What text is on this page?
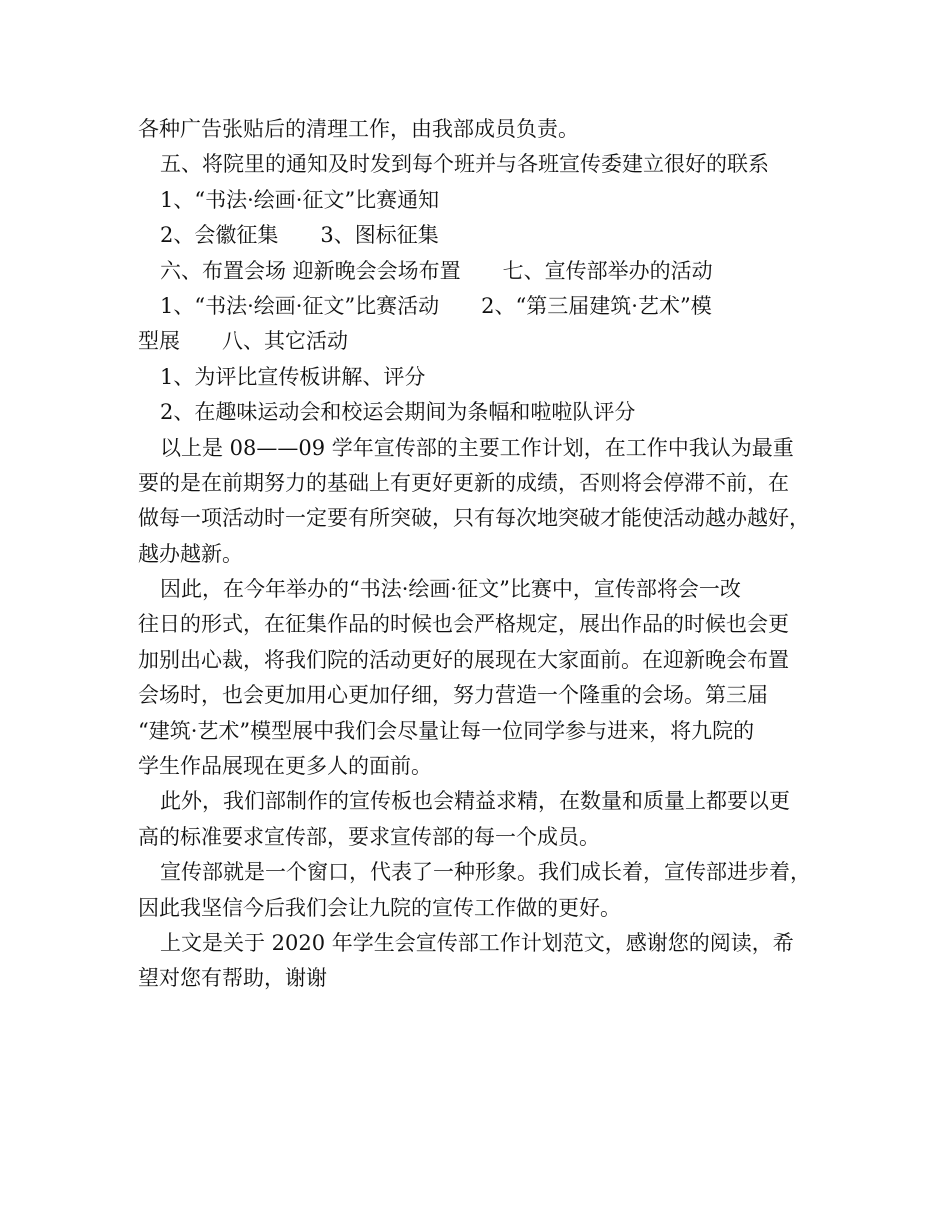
各种广告张贴后的清理工作，由我部成员负责。
五、将院里的通知及时发到每个班并与各班宣传委建立很好的联系
1、“书法·绘画·征文”比赛通知
2、会徽征集　　3、图标征集
六、布置会场 迎新晚会会场布置　　七、宣传部举办的活动
1、“书法·绘画·征文”比赛活动　　2、“第三届建筑·艺术”模
型展　　八、其它活动
1、为评比宣传板讲解、评分
2、在趣味运动会和校运会期间为条幅和啦啦队评分
以上是 08——09 学年宣传部的主要工作计划，在工作中我认为最重
要的是在前期努力的基础上有更好更新的成绩，否则将会停滞不前，在
做每一项活动时一定要有所突破，只有每次地突破才能使活动越办越好，
越办越新。
因此，在今年举办的“书法·绘画·征文”比赛中，宣传部将会一改
往日的形式，在征集作品的时候也会严格规定，展出作品的时候也会更
加别出心裁，将我们院的活动更好的展现在大家面前。在迎新晚会布置
会场时，也会更加用心更加仔细，努力营造一个隆重的会场。第三届
“建筑·艺术”模型展中我们会尽量让每一位同学参与进来，将九院的
学生作品展现在更多人的面前。
此外，我们部制作的宣传板也会精益求精，在数量和质量上都要以更
高的标准要求宣传部，要求宣传部的每一个成员。
宣传部就是一个窗口，代表了一种形象。我们成长着，宣传部进步着，
因此我坚信今后我们会让九院的宣传工作做的更好。
上文是关于 2020 年学生会宣传部工作计划范文，感谢您的阅读，希
望对您有帮助，谢谢
